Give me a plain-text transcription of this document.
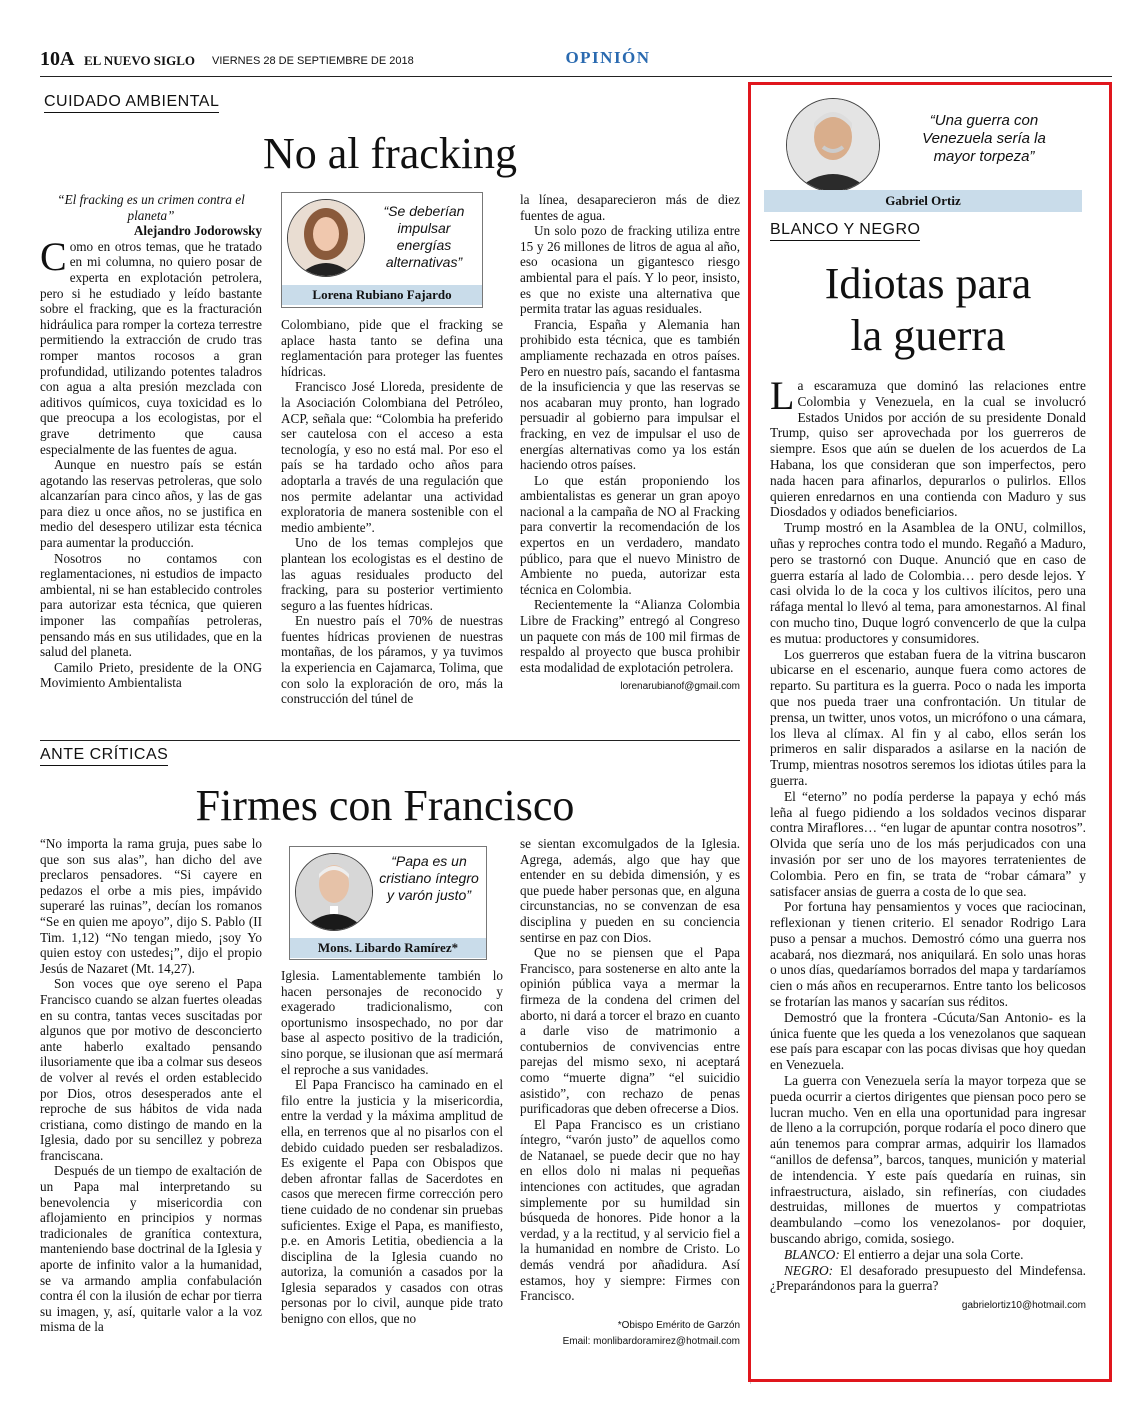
10A EL NUEVO SIGLO VIERNES 28 DE SEPTIEMBRE DE 2018	OPINIÓN
CUIDADO AMBIENTAL
No al fracking

“El fracking es un crimen contra el planeta”

Alejandro Jodorowsky

Como en otros temas, que he tratado en mi columna, no quiero posar de experta en explotación petrolera, pero si he estudiado y leído bastante sobre el fracking, que es la fracturación hidráulica para romper la corteza terrestre permitiendo la extracción de crudo tras romper mantos rocosos a gran profundidad, utilizando potentes taladros con agua a alta presión mezclada con aditivos químicos, cuya toxicidad es lo que preocupa a los ecologistas, por el grave detrimento que causa especialmente de las fuentes de agua.

Aunque en nuestro país se están agotando las reservas petroleras, que solo alcanzarían para cinco años, y las de gas para diez u once años, no se justifica en medio del desespero utilizar esta técnica para aumentar la producción.

Nosotros no contamos con reglamentaciones, ni estudios de impacto ambiental, ni se han establecido controles para autorizar esta técnica, que quieren imponer las compañías petroleras, pensando más en sus utilidades, que en la salud del planeta.

Camilo Prieto, presidente de la ONG Movimiento Ambientalista

“Se deberían impulsar energías alternativas”
Lorena Rubiano Fajardo

Colombiano, pide que el fracking se aplace hasta tanto se defina una reglamentación para proteger las fuentes hídricas.

Francisco José Lloreda, presidente de la Asociación Colombiana del Petróleo, ACP, señala que: “Colombia ha preferido ser cautelosa con el acceso a esta tecnología, y eso no está mal. Por eso el país se ha tardado ocho años para adoptarla a través de una regulación que nos permite adelantar una actividad exploratoria de manera sostenible con el medio ambiente”.

Uno de los temas complejos que plantean los ecologistas es el destino de las aguas residuales producto del fracking, para su posterior vertimiento seguro a las fuentes hídricas.

En nuestro país el 70% de nuestras fuentes hídricas provienen de nuestras montañas, de los páramos, y ya tuvimos la experiencia en Cajamarca, Tolima, que con solo la exploración de oro, más la construcción del túnel de

la línea, desaparecieron más de diez fuentes de agua.

Un solo pozo de fracking utiliza entre 15 y 26 millones de litros de agua al año, eso ocasiona un gigantesco riesgo ambiental para el país. Y lo peor, insisto, es que no existe una alternativa que permita tratar las aguas residuales.

Francia, España y Alemania han prohibido esta técnica, que es también ampliamente rechazada en otros países. Pero en nuestro país, sacando el fantasma de la insuficiencia y que las reservas se nos acabaran muy pronto, han logrado persuadir al gobierno para impulsar el fracking, en vez de impulsar el uso de energías alternativas como ya los están haciendo otros países.

Lo que están proponiendo los ambientalistas es generar un gran apoyo nacional a la campaña de NO al Fracking para convertir la recomendación de los expertos en un verdadero, mandato público, para que el nuevo Ministro de Ambiente no pueda, autorizar esta técnica en Colombia.

Recientemente la “Alianza Colombia Libre de Fracking” entregó al Congreso un paquete con más de 100 mil firmas de respaldo al proyecto que busca prohibir esta modalidad de explotación petrolera.

lorenarubianof@gmail.com

ANTE CRÍTICAS
Firmes con Francisco

“No importa la rama gruja, pues sabe lo que son sus alas”, han dicho del ave preclaros pensadores. “Si cayere en pedazos el orbe a mis pies, impávido superaré las ruinas”, decían los romanos “Se en quien me apoyo”, dijo S. Pablo (II Tim. 1,12) “No tengan miedo, ¡soy Yo quien estoy con ustedes¡”, dijo el propio Jesús de Nazaret (Mt. 14,27).

Son voces que oye sereno el Papa Francisco cuando se alzan fuertes oleadas en su contra, tantas veces suscitadas por algunos que por motivo de desconcierto ante haberlo exaltado pensando ilusoriamente que iba a colmar sus deseos de volver al revés el orden establecido por Dios, otros desesperados ante el reproche de sus hábitos de vida nada cristiana, como distingo de mando en la Iglesia, dado por su sencillez y pobreza franciscana.

Después de un tiempo de exaltación de un Papa mal interpretando su benevolencia y misericordia con aflojamiento en principios y normas tradicionales de granítica contextura, manteniendo base doctrinal de la Iglesia y aporte de infinito valor a la humanidad, se va armando amplia confabulación contra él con la ilusión de echar por tierra su imagen, y, así, quitarle valor a la voz misma de la

“Papa es un cristiano íntegro y varón justo”
Mons. Libardo Ramírez*

Iglesia. Lamentablemente también lo hacen personajes de reconocido y exagerado tradicionalismo, con oportunismo insospechado, no por dar base al aspecto positivo de la tradición, sino porque, se ilusionan que así mermará el reproche a sus vanidades.

El Papa Francisco ha caminado en el filo entre la justicia y la misericordia, entre la verdad y la máxima amplitud de ella, en terrenos que al no pisarlos con el debido cuidado pueden ser resbaladizos. Es exigente el Papa con Obispos que deben afrontar fallas de Sacerdotes en casos que merecen firme corrección pero tiene cuidado de no condenar sin pruebas suficientes. Exige el Papa, es manifiesto, p.e. en Amoris Letitia, obediencia a la disciplina de la Iglesia cuando no autoriza, la comunión a casados por la Iglesia separados y casados con otras personas por lo civil, aunque pide trato benigno con ellos, que no

se sientan excomulgados de la Iglesia. Agrega, además, algo que hay que entender en su debida dimensión, y es que puede haber personas que, en alguna circunstancias, no se convenzan de esa disciplina y pueden en su conciencia sentirse en paz con Dios.

Que no se piensen que el Papa Francisco, para sostenerse en alto ante la opinión pública vaya a mermar la firmeza de la condena del crimen del aborto, ni dará a torcer el brazo en cuanto a darle viso de matrimonio a contubernios de convivencias entre parejas del mismo sexo, ni aceptará como “muerte digna” “el suicidio asistido”, con rechazo de penas purificadoras que deben ofrecerse a Dios.

El Papa Francisco es un cristiano íntegro, “varón justo” de aquellos como de Natanael, se puede decir que no hay en ellos dolo ni malas ni pequeñas intenciones con actitudes, que agradan simplemente por su humildad sin búsqueda de honores. Pide honor a la verdad, y a la rectitud, y al servicio fiel a la humanidad en nombre de Cristo. Lo demás vendrá por añadidura. Así estamos, hoy y siempre: Firmes con Francisco.

*Obispo Emérito de Garzón
Email: monlibardoramirez@hotmail.com
“Una guerra con Venezuela sería la mayor torpeza”
Gabriel Ortiz
BLANCO Y NEGRO
Idiotas para
la guerra

La escaramuza que dominó las relaciones entre Colombia y Venezuela, en la cual se involucró Estados Unidos por acción de su presidente Donald Trump, quiso ser aprovechada por los guerreros de siempre. Esos que aún se duelen de los acuerdos de La Habana, los que consideran que son imperfectos, pero nada hacen para afinarlos, depurarlos o pulirlos. Ellos quieren enredarnos en una contienda con Maduro y sus Diosdados y odiados beneficiarios.

Trump mostró en la Asamblea de la ONU, colmillos, uñas y reproches contra todo el mundo. Regañó a Maduro, pero se trastornó con Duque. Anunció que en caso de guerra estaría al lado de Colombia… pero desde lejos. Y casi olvida lo de la coca y los cultivos ilícitos, pero una ráfaga mental lo llevó al tema, para amonestarnos. Al final con mucho tino, Duque logró convencerlo de que la culpa es mutua: productores y consumidores.

Los guerreros que estaban fuera de la vitrina buscaron ubicarse en el escenario, aunque fuera como actores de reparto. Su partitura es la guerra. Poco o nada les importa que nos pueda traer una confrontación. Un titular de prensa, un twitter, unos votos, un micrófono o una cámara, los lleva al clímax. Al fin y al cabo, ellos serán los primeros en salir disparados a asilarse en la nación de Trump, mientras nosotros seremos los idiotas útiles para la guerra.

El “eterno” no podía perderse la papaya y echó más leña al fuego pidiendo a los soldados vecinos disparar contra Miraflores… “en lugar de apuntar contra nosotros”. Olvida que sería uno de los más perjudicados con una invasión por ser uno de los mayores terratenientes de Colombia. Pero en fin, se trata de “robar cámara” y satisfacer ansias de guerra a costa de lo que sea.

Por fortuna hay pensamientos y voces que raciocinan, reflexionan y tienen criterio. El senador Rodrigo Lara puso a pensar a muchos. Demostró cómo una guerra nos acabará, nos diezmará, nos aniquilará. En solo unas horas o unos días, quedaríamos borrados del mapa y tardaríamos cien o más años en recuperarnos. Entre tanto los belicosos se frotarían las manos y sacarían sus réditos.

Demostró que la frontera -Cúcuta/San Antonio- es la única fuente que les queda a los venezolanos que saquean ese país para escapar con las pocas divisas que hoy quedan en Venezuela.

La guerra con Venezuela sería la mayor torpeza que se pueda ocurrir a ciertos dirigentes que piensan poco pero se lucran mucho. Ven en ella una oportunidad para ingresar de lleno a la corrupción, porque rodaría el poco dinero que aún tenemos para comprar armas, adquirir los llamados “anillos de defensa”, barcos, tanques, munición y material de intendencia. Y este país quedaría en ruinas, sin infraestructura, aislado, sin refinerías, con ciudades destruidas, millones de muertos y compatriotas deambulando –como los venezolanos- por doquier, buscando abrigo, comida, sosiego.

BLANCO: El entierro a dejar una sola Corte.

NEGRO: El desaforado presupuesto del Mindefensa. ¿Preparándonos para la guerra?

gabrielortiz10@hotmail.com
